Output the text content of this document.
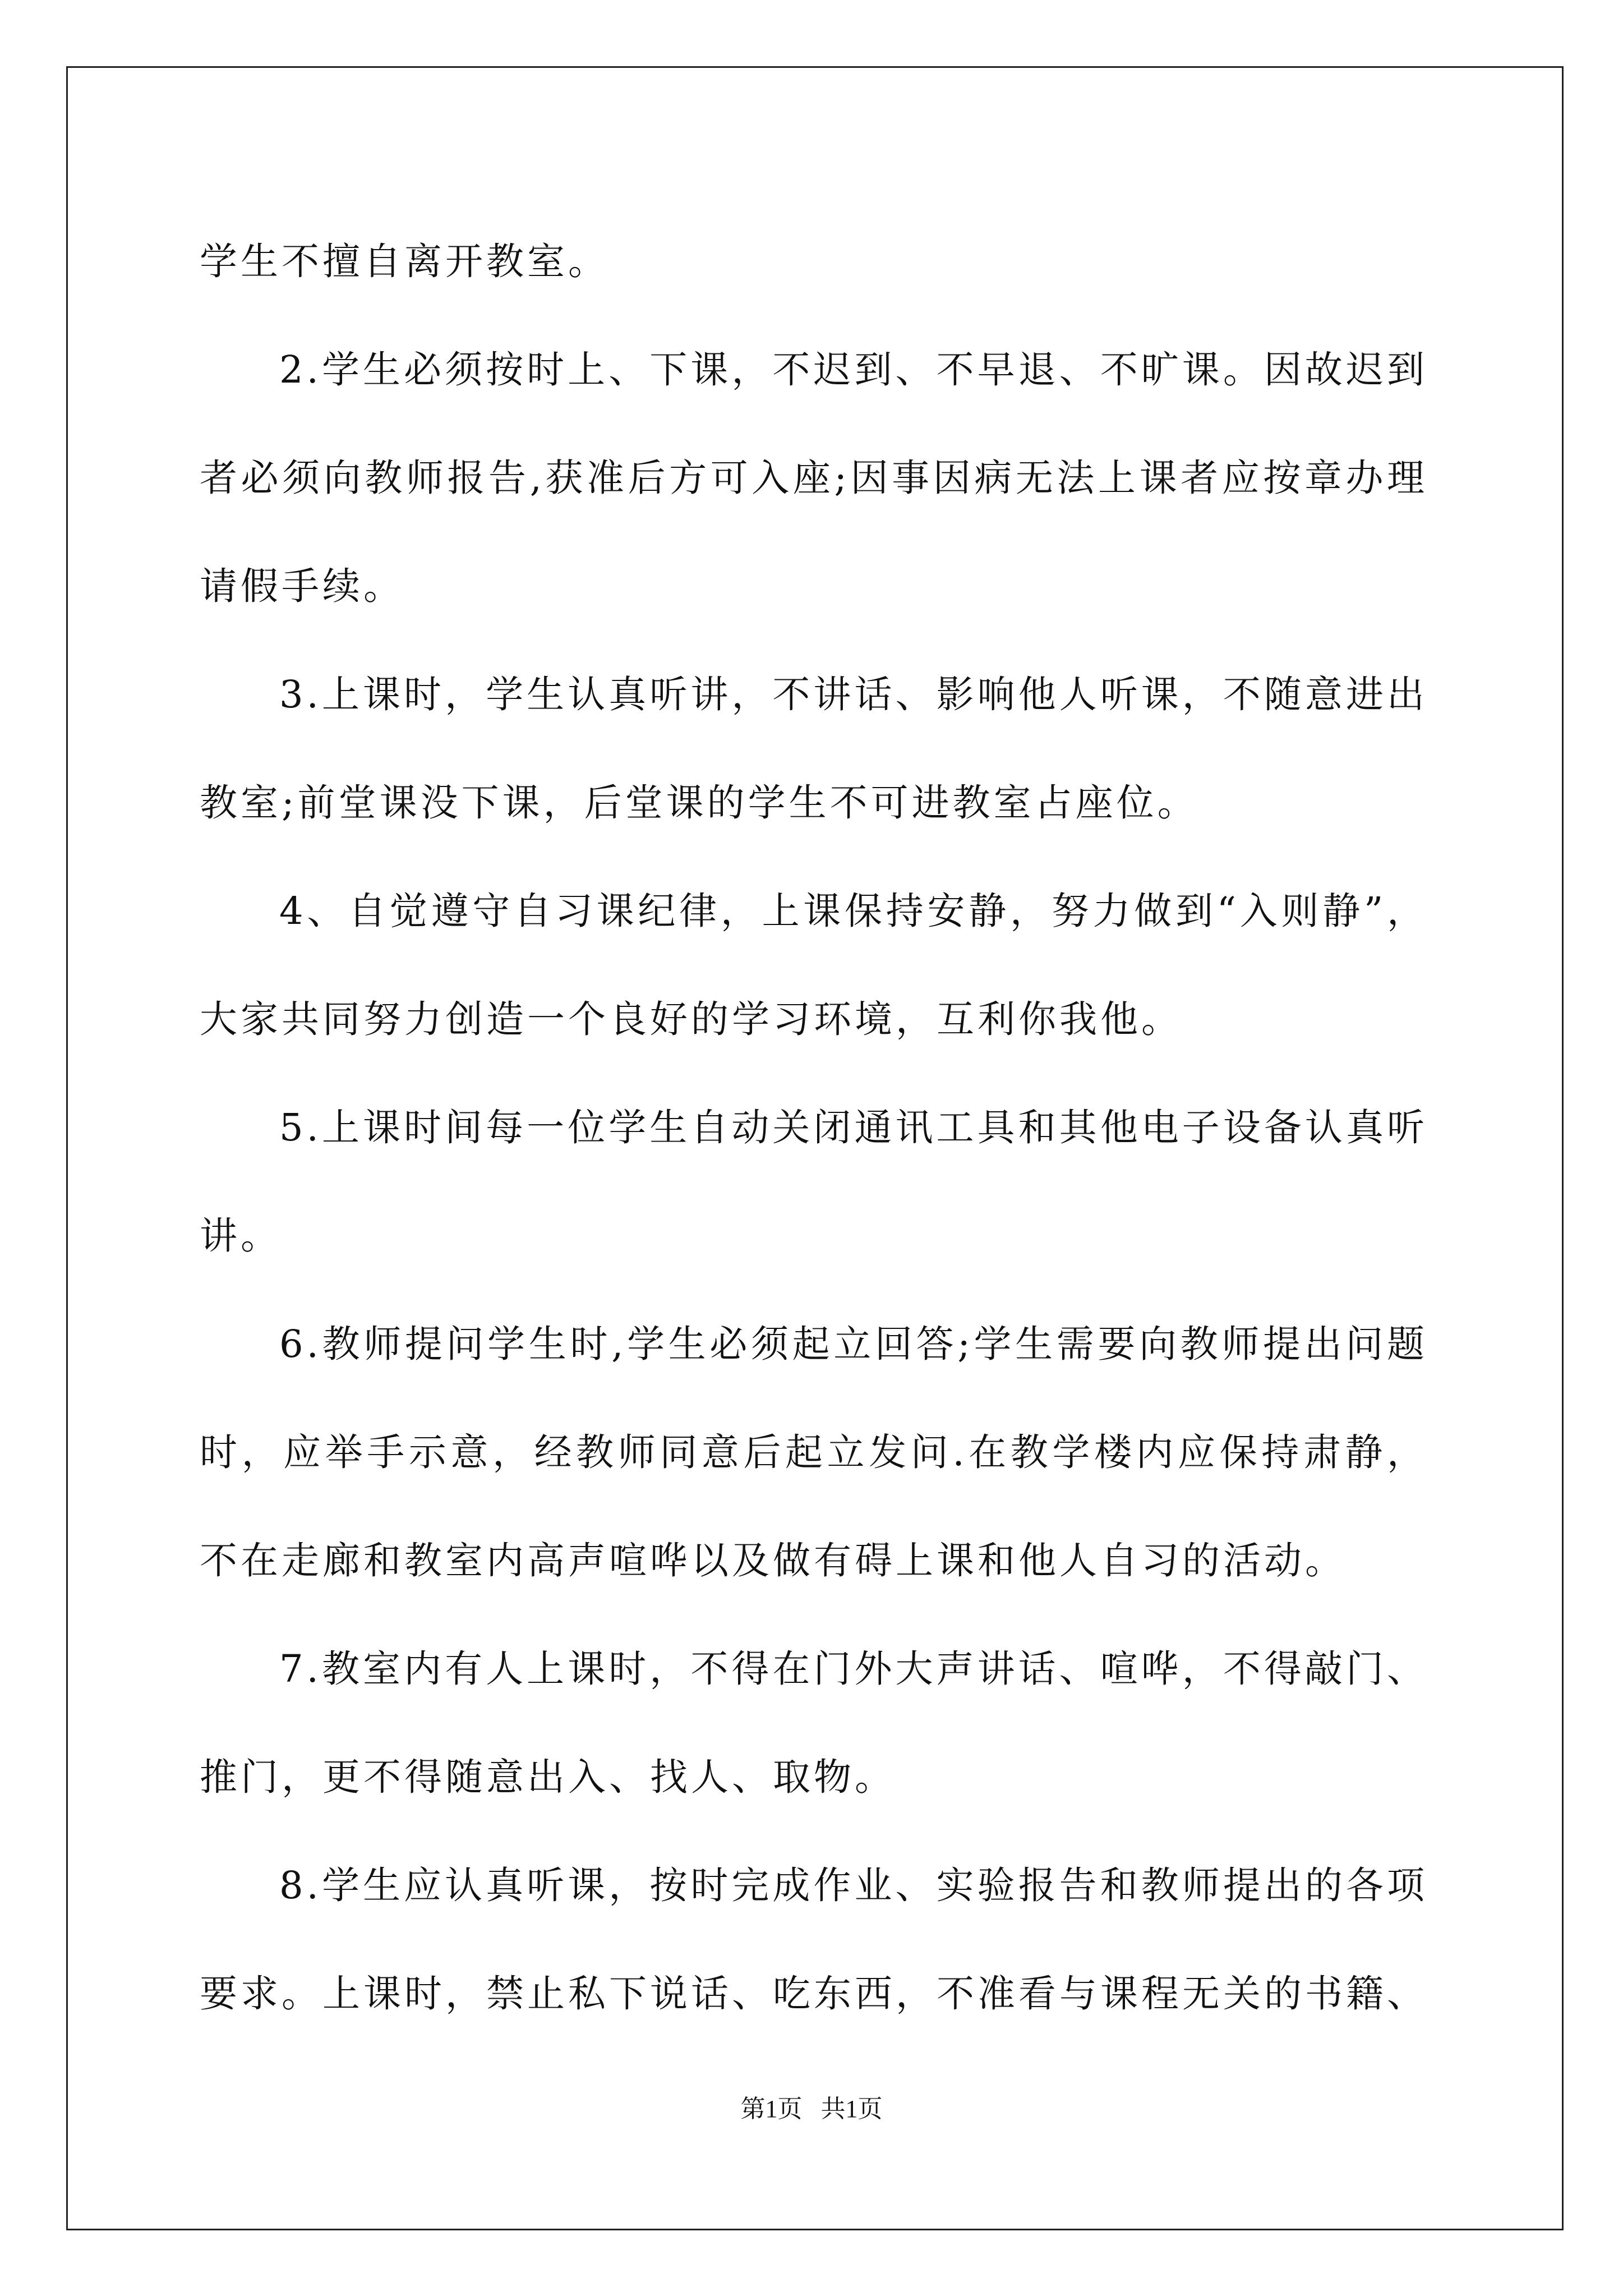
学生不擅自离开教室。

2.学生必须按时上、下课，不迟到、不早退、不旷课。因故迟到者必须向教师报告,获准后方可入座;因事因病无法上课者应按章办理请假手续。

3.上课时，学生认真听讲，不讲话、影响他人听课，不随意进出教室;前堂课没下课，后堂课的学生不可进教室占座位。

4、自觉遵守自习课纪律，上课保持安静，努力做到“入则静”，大家共同努力创造一个良好的学习环境，互利你我他。

5.上课时间每一位学生自动关闭通讯工具和其他电子设备认真听讲。

6.教师提问学生时,学生必须起立回答;学生需要向教师提出问题时，应举手示意，经教师同意后起立发问.在教学楼内应保持肃静，不在走廊和教室内高声喧哗以及做有碍上课和他人自习的活动。

7.教室内有人上课时，不得在门外大声讲话、喧哗，不得敲门、推门，更不得随意出入、找人、取物。

8.学生应认真听课，按时完成作业、实验报告和教师提出的各项要求。上课时，禁止私下说话、吃东西，不准看与课程无关的书籍、

第1页   共1页
